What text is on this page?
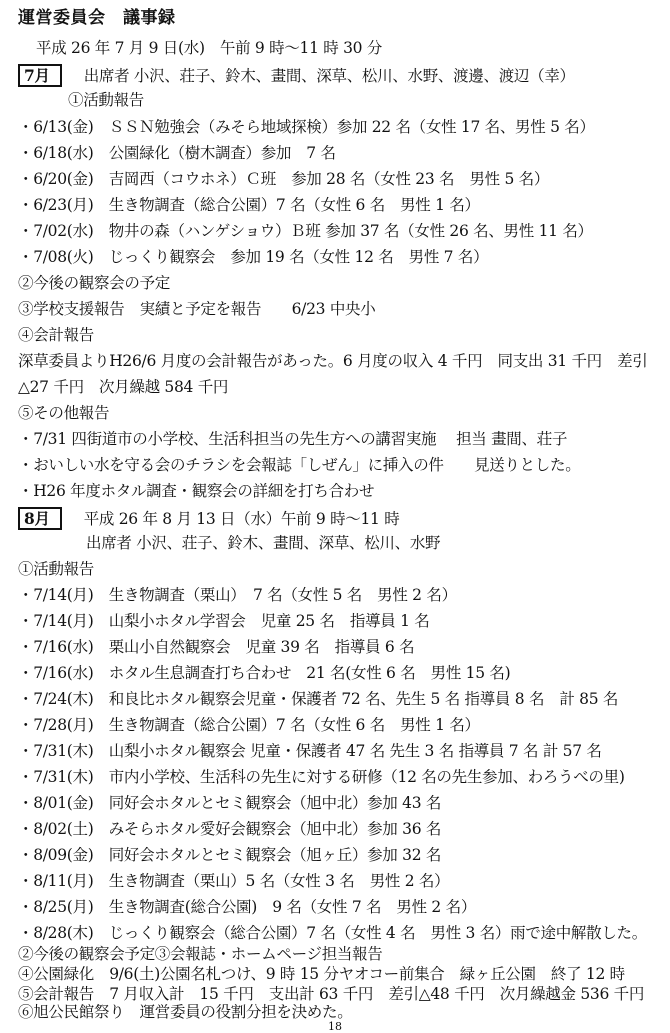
運営委員会　議事録
平成 26 年 7 月 9 日(水)　午前 9 時～11 時 30 分
7月 出席者 小沢、荘子、鈴木、畫間、深草、松川、水野、渡邊、渡辺（幸）
①活動報告
・6/13(金)　ＳＳＮ勉強会（みそら地域探検）参加 22 名（女性 17 名、男性 5 名）
・6/18(水)　公園緑化（樹木調査）参加　7 名
・6/20(金)　吉岡西（コウホネ）Ｃ班　参加 28 名（女性 23 名　男性 5 名）
・6/23(月)　生き物調査（総合公園）7 名（女性 6 名　男性 1 名）
・7/02(水)　物井の森（ハンゲショウ）Ｂ班 参加 37 名（女性 26 名、男性 11 名）
・7/08(火)　じっくり観察会　参加 19 名（女性 12 名　男性 7 名）
②今後の観察会の予定
③学校支援報告　実績と予定を報告　　6/23 中央小
④会計報告
深草委員よりH26/6 月度の会計報告があった。6 月度の収入 4 千円　同支出 31 千円　差引
△27 千円　次月繰越 584 千円
⑤その他報告
・7/31 四街道市の小学校、生活科担当の先生方への講習実施　 担当 畫間、荘子
・おいしい水を守る会のチラシを会報誌「しぜん」に挿入の件　　見送りとした。
・H26 年度ホタル調査・観察会の詳細を打ち合わせ
8月 平成 26 年 8 月 13 日（水）午前 9 時～11 時
出席者 小沢、荘子、鈴木、畫間、深草、松川、水野
①活動報告
・7/14(月)　生き物調査（栗山）　7 名（女性 5 名　男性 2 名）
・7/14(月)　山梨小ホタル学習会　児童 25 名　指導員 1 名
・7/16(水)　栗山小自然観察会　児童 39 名　指導員 6 名
・7/16(水)　ホタル生息調査打ち合わせ　21 名(女性 6 名　男性 15 名)
・7/24(木)　和良比ホタル観察会児童・保護者 72 名、先生 5 名 指導員 8 名　計 85 名
・7/28(月)　生き物調査（総合公園）7 名（女性 6 名　男性 1 名）
・7/31(木)　山梨小ホタル観察会 児童・保護者 47 名 先生 3 名 指導員 7 名 計 57 名
・7/31(木)　市内小学校、生活科の先生に対する研修（12 名の先生参加、わろうべの里)
・8/01(金)　同好会ホタルとセミ観察会（旭中北）参加 43 名
・8/02(土)　みそらホタル愛好会観察会（旭中北）参加 36 名
・8/09(金)　同好会ホタルとセミ観察会（旭ヶ丘）参加 32 名
・8/11(月)　生き物調査（栗山）5 名（女性 3 名　男性 2 名）
・8/25(月)　生き物調査(総合公園)　9 名（女性 7 名　男性 2 名）
・8/28(木)　じっくり観察会（総合公園）7 名（女性 4 名　男性 3 名）雨で途中解散した。
②今後の観察会予定③会報誌・ホームページ担当報告
④公園緑化　9/6(土)公園名札つけ、9 時 15 分ヤオコー前集合　緑ヶ丘公園　終了 12 時
⑤会計報告　7 月収入計　15 千円　支出計 63 千円　差引△48 千円　次月繰越金 536 千円
18
⑥旭公民館祭り　運営委員の役割分担を決めた。
